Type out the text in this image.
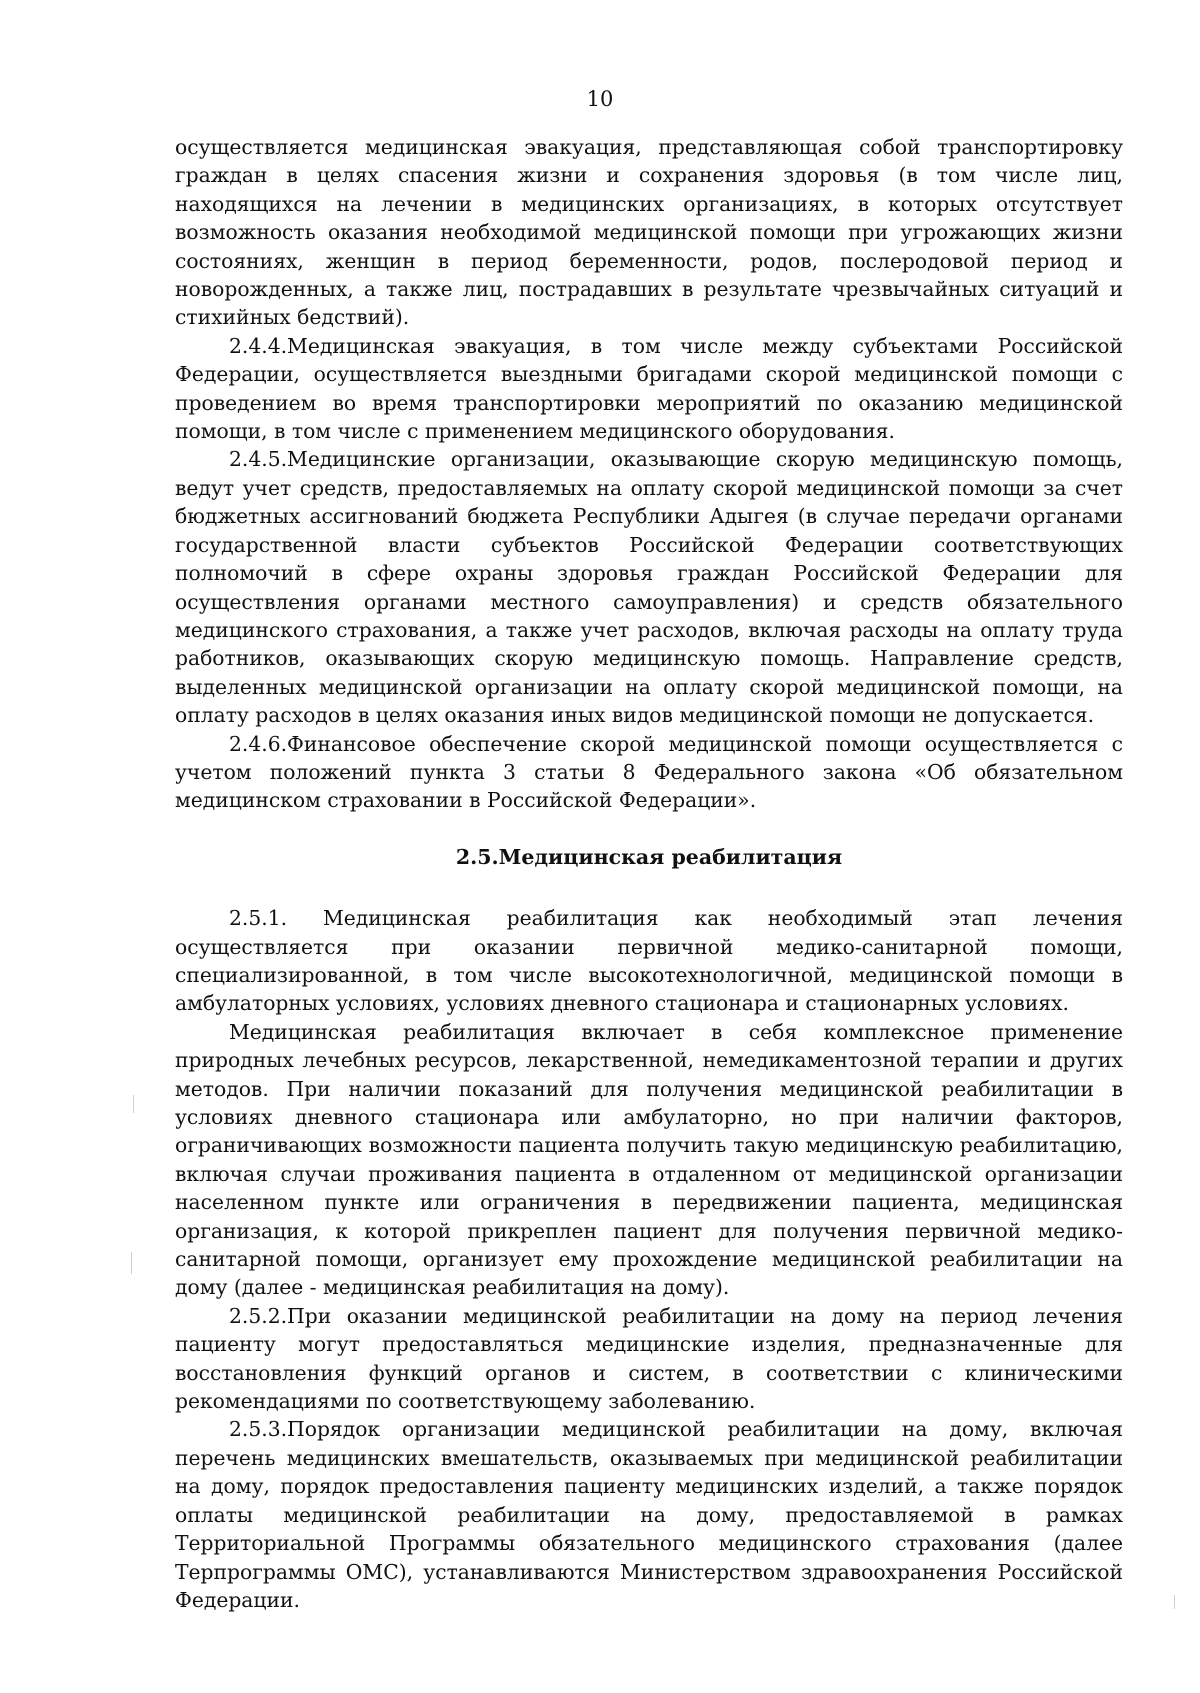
10

осуществляется медицинская эвакуация, представляющая собой транспортировку граждан в целях спасения жизни и сохранения здоровья (в том числе лиц, находящихся на лечении в медицинских организациях, в которых отсутствует возможность оказания необходимой медицинской помощи при угрожающих жизни состояниях, женщин в период беременности, родов, послеродовой период и новорожденных, а также лиц, пострадавших в результате чрезвычайных ситуаций и стихийных бедствий).

2.4.4.Медицинская эвакуация, в том числе между субъектами Российской Федерации, осуществляется выездными бригадами скорой медицинской помощи с проведением во время транспортировки мероприятий по оказанию медицинской помощи, в том числе с применением медицинского оборудования.

2.4.5.Медицинские организации, оказывающие скорую медицинскую помощь, ведут учет средств, предоставляемых на оплату скорой медицинской помощи за счет бюджетных ассигнований бюджета Республики Адыгея (в случае передачи органами государственной власти субъектов Российской Федерации соответствующих полномочий в сфере охраны здоровья граждан Российской Федерации для осуществления органами местного самоуправления) и средств обязательного медицинского страхования, а также учет расходов, включая расходы на оплату труда работников, оказывающих скорую медицинскую помощь. Направление средств, выделенных медицинской организации на оплату скорой медицинской помощи, на оплату расходов в целях оказания иных видов медицинской помощи не допускается.

2.4.6.Финансовое обеспечение скорой медицинской помощи осуществляется с учетом положений пункта 3 статьи 8 Федерального закона «Об обязательном медицинском страховании в Российской Федерации».

2.5.Медицинская реабилитация

2.5.1. Медицинская реабилитация как необходимый этап лечения осуществляется при оказании первичной медико-санитарной помощи, специализированной, в том числе высокотехнологичной, медицинской помощи в амбулаторных условиях, условиях дневного стационара и стационарных условиях.

Медицинская реабилитация включает в себя комплексное применение природных лечебных ресурсов, лекарственной, немедикаментозной терапии и других методов. При наличии показаний для получения медицинской реабилитации в условиях дневного стационара или амбулаторно, но при наличии факторов, ограничивающих возможности пациента получить такую медицинскую реабилитацию, включая случаи проживания пациента в отдаленном от медицинской организации населенном пункте или ограничения в передвижении пациента, медицинская организация, к которой прикреплен пациент для получения первичной медико-санитарной помощи, организует ему прохождение медицинской реабилитации на дому (далее - медицинская реабилитация на дому).

2.5.2.При оказании медицинской реабилитации на дому на период лечения пациенту могут предоставляться медицинские изделия, предназначенные для восстановления функций органов и систем, в соответствии с клиническими рекомендациями по соответствующему заболеванию.

2.5.3.Порядок организации медицинской реабилитации на дому, включая перечень медицинских вмешательств, оказываемых при медицинской реабилитации на дому, порядок предоставления пациенту медицинских изделий, а также порядок оплаты медицинской реабилитации на дому, предоставляемой в рамках Территориальной Программы обязательного медицинского страхования (далее Терпрограммы ОМС), устанавливаются Министерством здравоохранения Российской Федерации.
